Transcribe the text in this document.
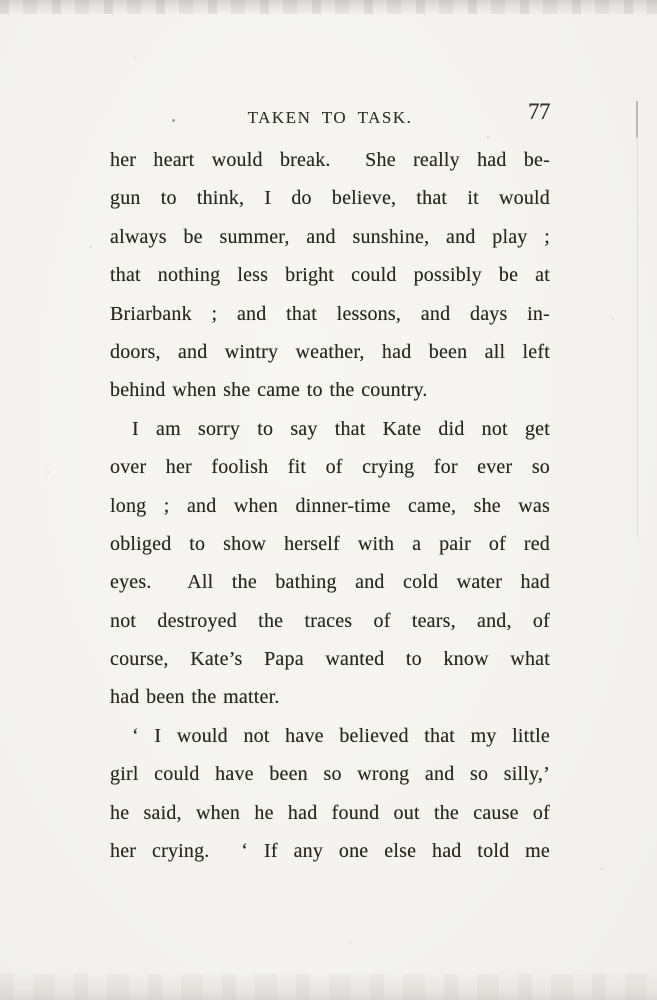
TAKEN TO TASK.	77
her heart would break.  She really had be-
gun to think, I do believe, that it would
always be summer, and sunshine, and play ;
that nothing less bright could possibly be at
Briarbank ; and that lessons, and days in-
doors, and wintry weather, had been all left
behind when she came to the country.
I am sorry to say that Kate did not get
over her foolish fit of crying for ever so
long ; and when dinner-time came, she was
obliged to show herself with a pair of red
eyes.  All the bathing and cold water had
not destroyed the traces of tears, and, of
course, Kate’s Papa wanted to know what
had been the matter.
‘ I would not have believed that my little
girl could have been so wrong and so silly,’
he said, when he had found out the cause of
her crying.  ‘ If any one else had told me
